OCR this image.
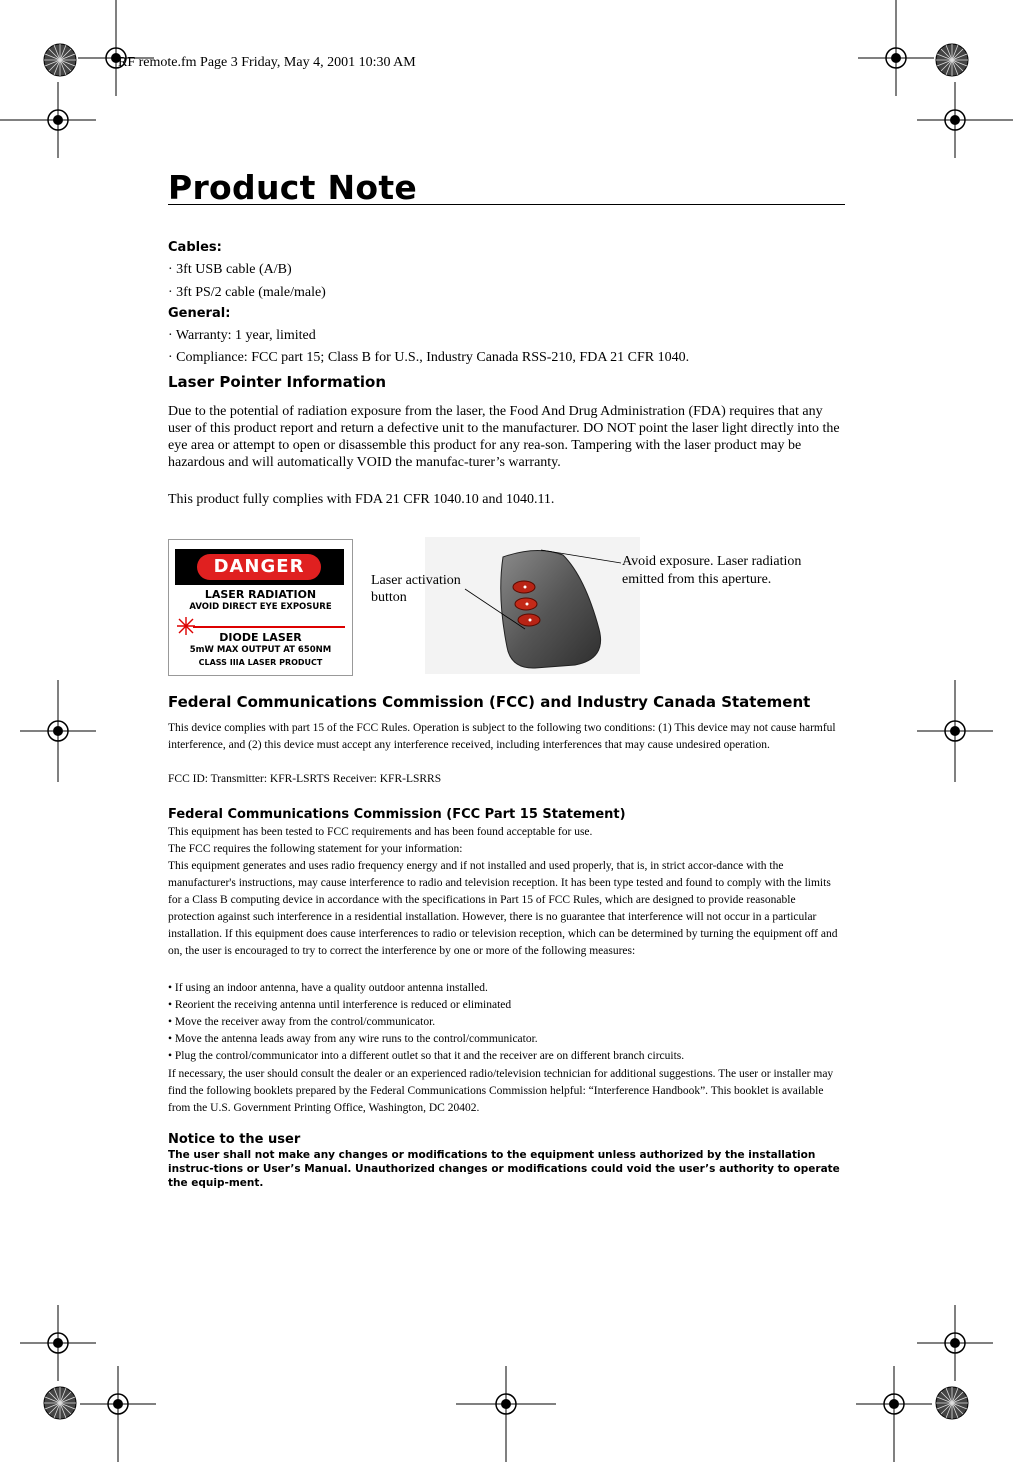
RF remote.fm Page 3 Friday, May 4, 2001 10:30 AM
Product Note
Cables:
· 3ft USB cable (A/B)
· 3ft PS/2 cable (male/male)
General:
· Warranty: 1 year, limited
· Compliance: FCC part 15; Class B for U.S., Industry Canada RSS-210, FDA 21 CFR 1040.
Laser Pointer Information
Due to the potential of radiation exposure from the laser, the Food And Drug Administration (FDA) requires that any user of this product report and return a defective unit to the manufacturer. DO NOT point the laser light directly into the eye area or attempt to open or disassemble this product for any rea-son. Tampering with the laser product may be hazardous and will automatically VOID the manufac-turer’s warranty.
This product fully complies with FDA 21 CFR 1040.10 and 1040.11.
DANGER
LASER RADIATION
AVOID DIRECT EYE EXPOSURE
DIODE LASER
5mW MAX OUTPUT AT 650NM
CLASS IIIA LASER PRODUCT
Laser activation
button
Avoid exposure. Laser radiation
emitted from this aperture.
Federal Communications Commission (FCC) and Industry Canada Statement
This device complies with part 15 of the FCC Rules. Operation is subject to the following two conditions: (1) This device may not cause harmful interference, and (2) this device must accept any interference received, including interferences that may cause undesired operation.
FCC ID: Transmitter: KFR-LSRTS Receiver: KFR-LSRRS
Federal Communications Commission (FCC Part 15 Statement)
This equipment has been tested to FCC requirements and has been found acceptable for use.
The FCC requires the following statement for your information:
This equipment generates and uses radio frequency energy and if not installed and used properly, that is, in strict accor-dance with the manufacturer's instructions, may cause interference to radio and television reception. It has been type tested and found to comply with the limits for a Class B computing device in accordance with the specifications in Part 15 of FCC Rules, which are designed to provide reasonable protection against such interference in a residential installation. However, there is no guarantee that interference will not occur in a particular installation. If this equipment does cause interferences to radio or television reception, which can be determined by turning the equipment off and on, the user is encouraged to try to correct the interference by one or more of the following measures:
• If using an indoor antenna, have a quality outdoor antenna installed.
• Reorient the receiving antenna until interference is reduced or eliminated
• Move the receiver away from the control/communicator.
• Move the antenna leads away from any wire runs to the control/communicator.
• Plug the control/communicator into a different outlet so that it and the receiver are on different branch circuits.
If necessary, the user should consult the dealer or an experienced radio/television technician for additional suggestions. The user or installer may find the following booklets prepared by the Federal Communications Commission helpful: “Interference Handbook”. This booklet is available from the U.S. Government Printing Office, Washington, DC 20402.
Notice to the user
The user shall not make any changes or modifications to the equipment unless authorized by the installation instruc-tions or User’s Manual. Unauthorized changes or modifications could void the user’s authority to operate the equip-ment.
